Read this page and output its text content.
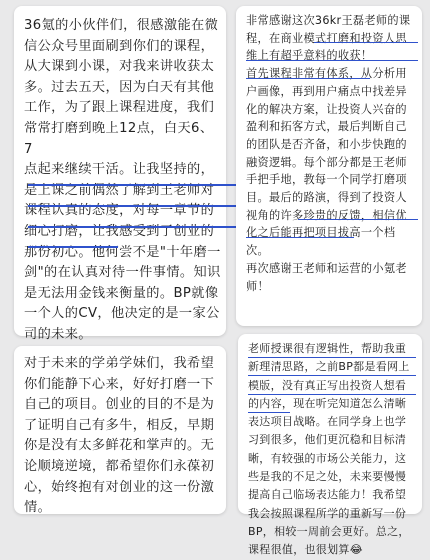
36氪的小伙伴们，很感激能在微
信公众号里面刷到你们的课程，
从大课到小课，对我来讲收获太
多。过去五天，因为白天有其他
工作，为了跟上课程进度，我们
常常打磨到晚上12点，白天6、7
点起来继续干活。让我坚持的，
是上课之前偶然了解到王老师对
课程认真的态度，对每一章节的
细心打磨，让我感受到了创业的
那份初心。他何尝不是"十年磨一
剑"的在认真对待一件事情。知识
是无法用金钱来衡量的。BP就像
一个人的CV，他决定的是一家公
司的未来。
对于未来的学弟学妹们，我希望
你们能静下心来，好好打磨一下
自己的项目。创业的目的不是为
了证明自己有多牛，相反，早期
你是没有太多鲜花和掌声的。无
论顺境逆境，都希望你们永葆初
心，始终抱有对创业的这一份激
情。
非常感谢这次36kr王磊老师的课
程，在商业模式打磨和投资人思
维上有超乎意料的收获！
首先课程非常有体系，从分析用
户画像，再到用户痛点中找差异
化的解决方案，让投资人兴奋的
盈利和拓客方式，最后判断自己
的团队是否齐备，和小步快跑的
融资逻辑。每个部分都是王老师
手把手地，教每一个同学打磨项
目。最后的路演，得到了投资人
视角的许多珍贵的反馈，相信优
化之后能再把项目拔高一个档
次。
再次感谢王老师和运营的小氪老
师！
老师授课很有逻辑性，帮助我重
新理清思路，之前BP都是看网上
模版，没有真正写出投资人想看
的内容，现在听完知道怎么清晰
表达项目战略。在同学身上也学
习到很多，他们更沉稳和目标清
晰，有较强的市场公关能力，这
些是我的不足之处，未来要慢慢
提高自己临场表达能力！我希望
我会按照课程所学的重新写一份
BP，相较一周前会更好。总之，
课程很值，也很划算😂
